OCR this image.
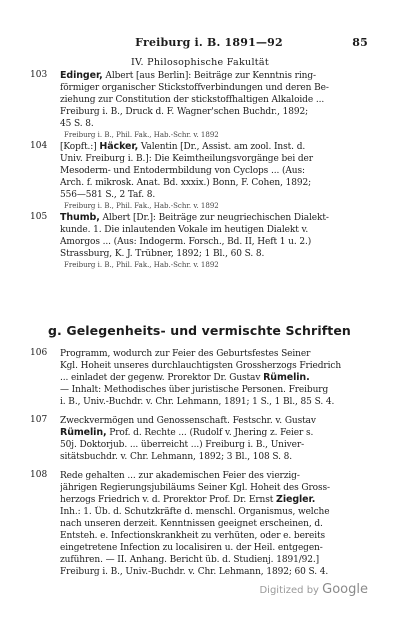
Freiburg i. B. 1891—92	85
IV. Philosophische Fakultät
103 Edinger, Albert [aus Berlin]: Beiträge zur Kenntnis ring-
förmiger organischer Stickstoffverbindungen und deren Be-
ziehung zur Constitution der stickstoffhaltigen Alkaloide ...
Freiburg i. B., Druck d. F. Wagner'schen Buchdr., 1892;
45 S. 8.
Freiburg i. B., Phil. Fak., Hab.-Schr. v. 1892
104 [Kopft.:] Häcker, Valentin [Dr., Assist. am zool. Inst. d.
Univ. Freiburg i. B.]: Die Keimtheilungsvorgänge bei der
Mesoderm- und Entodermbildung von Cyclops ... (Aus:
Arch. f. mikrosk. Anat. Bd. xxxix.) Bonn, F. Cohen, 1892;
556—581 S., 2 Taf. 8.
Freiburg i. B., Phil. Fak., Hab.-Schr. v. 1892
105 Thumb, Albert [Dr.]: Beiträge zur neugriechischen Dialekt-
kunde. 1. Die inlautenden Vokale im heutigen Dialekt v.
Amorgos ... (Aus: Indogerm. Forsch., Bd. II, Heft 1 u. 2.)
Strassburg, K. J. Trübner, 1892; 1 Bl., 60 S. 8.
Freiburg i. B., Phil. Fak., Hab.-Schr. v. 1892
g. Gelegenheits- und vermischte Schriften
106 Programm, wodurch zur Feier des Geburtsfestes Seiner
Kgl. Hoheit unseres durchlauchtigsten Grossherzogs Friedrich
... einladet der gegenw. Prorektor Dr. Gustav Rümelin.
— Inhalt: Methodisches über juristische Personen. Freiburg
i. B., Univ.-Buchdr. v. Chr. Lehmann, 1891; 1 S., 1 Bl., 85 S. 4.
107 Zweckvermögen und Genossenschaft. Festschr. v. Gustav
Rümelin, Prof. d. Rechte ... (Rudolf v. Jhering z. Feier s.
50j. Doktorjub. ... überreicht ...) Freiburg i. B., Univer-
sitätsbuchdr. v. Chr. Lehmann, 1892; 3 Bl., 108 S. 8.
108 Rede gehalten ... zur akademischen Feier des vierzig-
jährigen Regierungsjubiläums Seiner Kgl. Hoheit des Gross-
herzogs Friedrich v. d. Prorektor Prof. Dr. Ernst Ziegler.
Inh.: 1. Üb. d. Schutzkräfte d. menschl. Organismus, welche
nach unseren derzeit. Kenntnissen geeignet erscheinen, d.
Entsteh. e. Infectionskrankheit zu verhüten, oder e. bereits
eingetretene Infection zu localisiren u. der Heil. entgegen-
zuführen. — II. Anhang. Bericht üb. d. Studienj. 1891/92.]
Freiburg i. B., Univ.-Buchdr. v. Chr. Lehmann, 1892; 60 S. 4.
Digitized by Google
